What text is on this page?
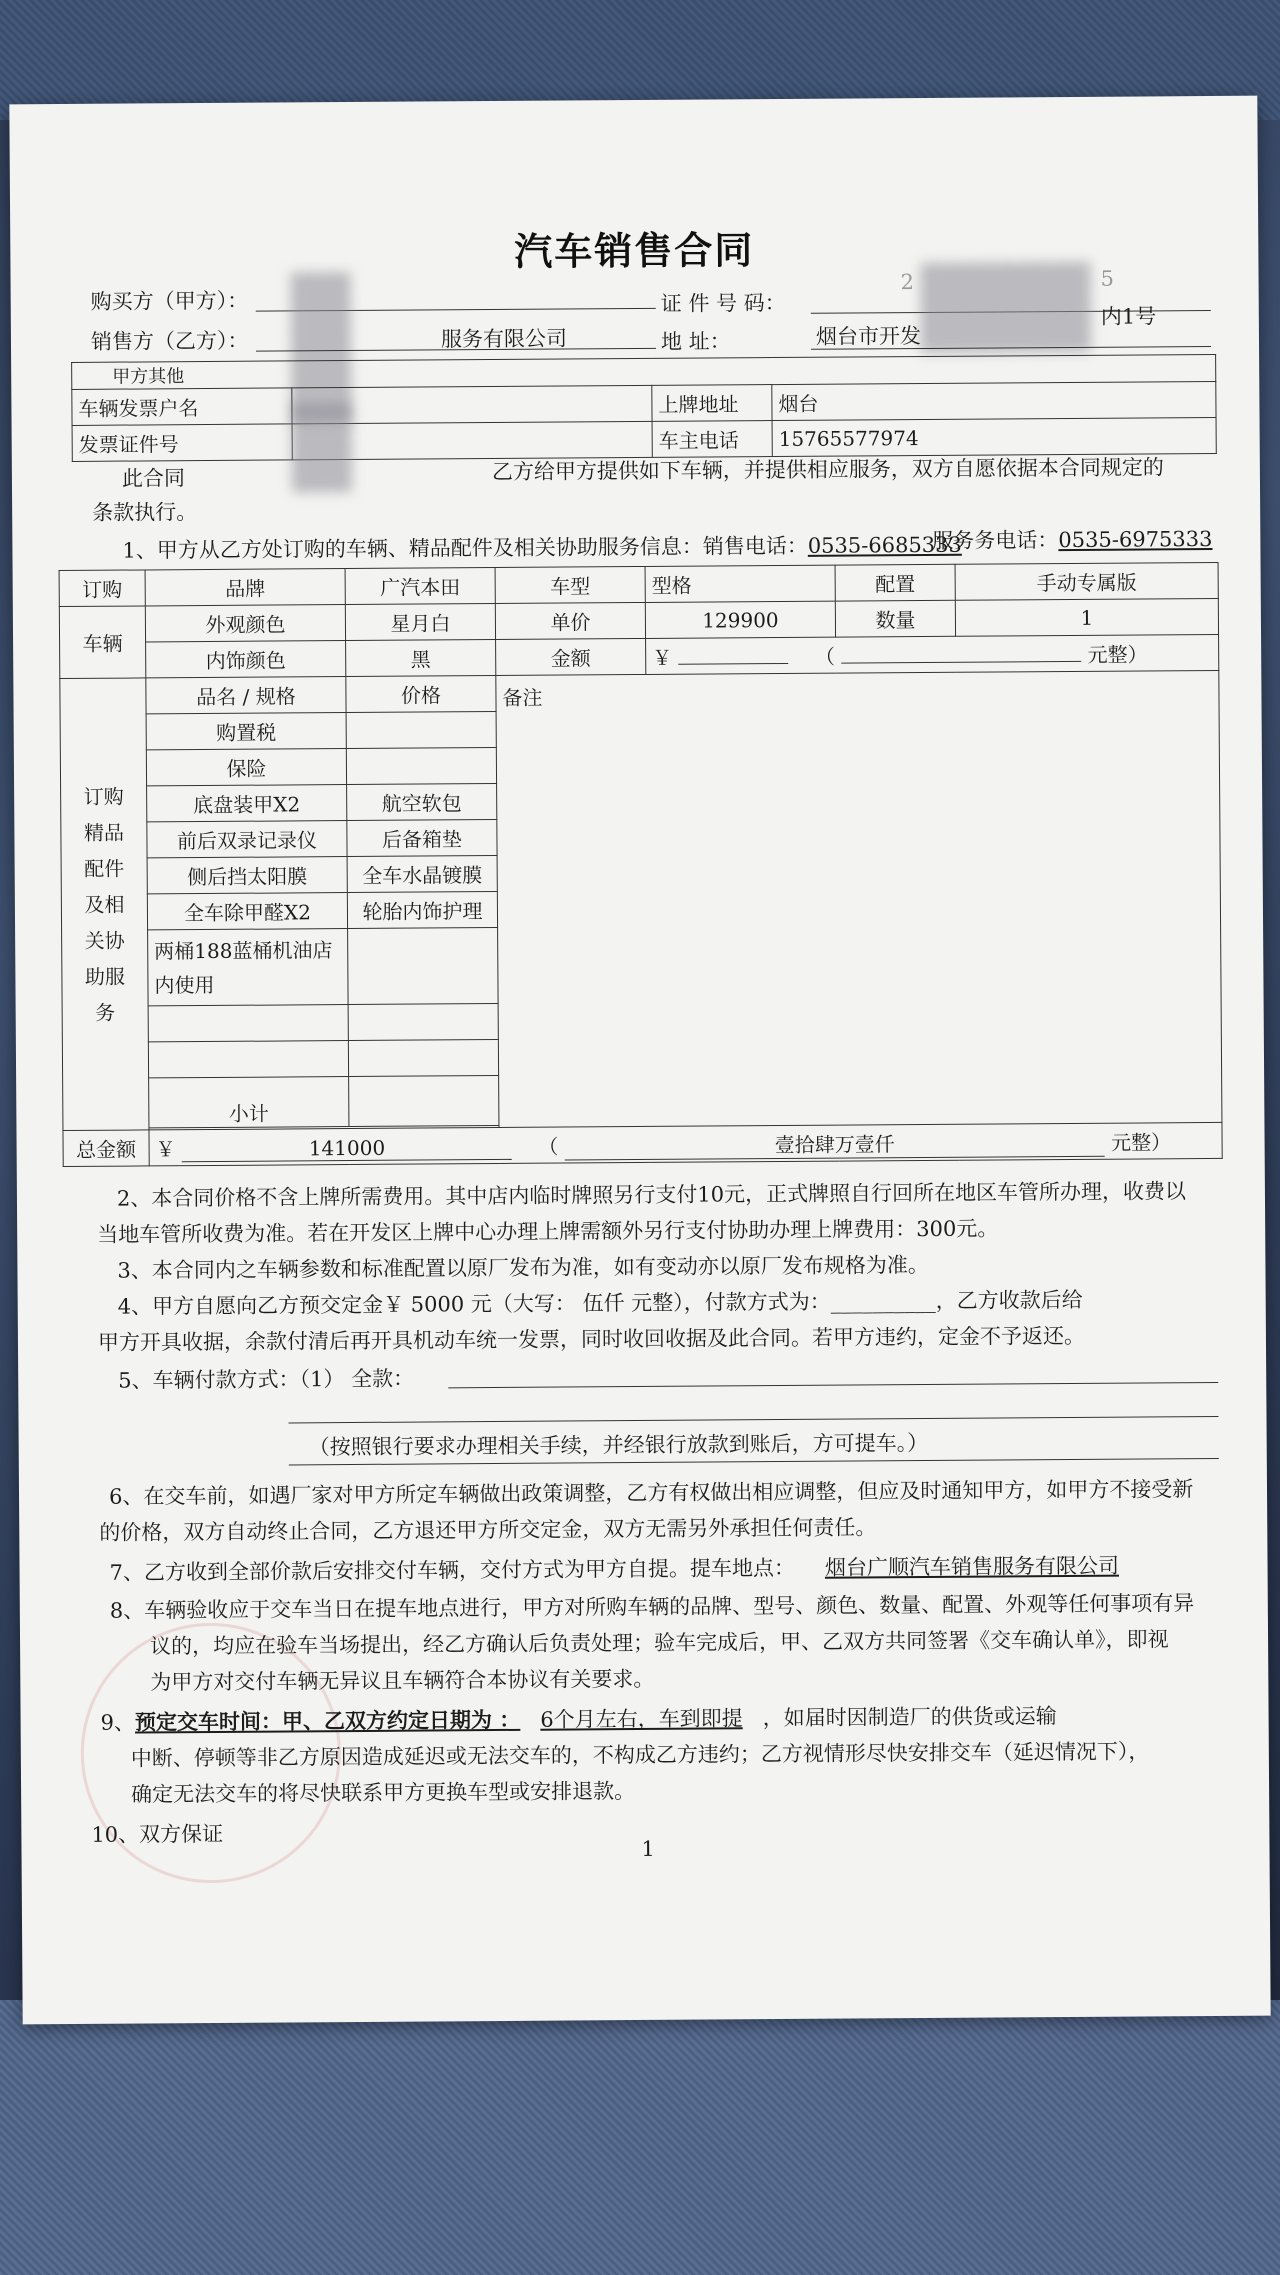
汽车销售合同
购买方（甲方）：
销售方（乙方）：	服务有限公司
证 件 号 码：
2	5
地 址：	烟台市开发
内1号
甲方其他			
车辆发票户名		上牌地址	烟台
发票证件号		车主电话	15765577974
此合同	乙方给甲方提供如下车辆，并提供相应服务，双方自愿依据本合同规定的
条款执行。
1、甲方从乙方处订购的车辆、精品配件及相关协助服务信息：销售电话：0535-6685333
服务务电话：0535-6975333
订购	品牌	广汽本田	车型	型格	配置	手动专属版
车辆	外观颜色	星月白	单价	129900	数量	1
	内饰颜色	黑	金额	￥ （ 元整）		
订购精品配件及相关协助服务	品名 / 规格	价格	备注			
	购置税					
	保险					
	底盘装甲X2	航空软包				
	前后双录记录仪	后备箱垫				
	侧后挡太阳膜	全车水晶镀膜				
	全车除甲醛X2	轮胎内饰护理				
	两桶188蓝桶机油店内使用					

	小计					

总金额	￥ 141000 （ 壹拾肆万壹仟 元整）					
2、本合同价格不含上牌所需费用。其中店内临时牌照另行支付10元，正式牌照自行回所在地区车管所办理，收费以
当地车管所收费为准。若在开发区上牌中心办理上牌需额外另行支付协助办理上牌费用：300元。
3、本合同内之车辆参数和标准配置以原厂发布为准，如有变动亦以原厂发布规格为准。
4、甲方自愿向乙方预交定金￥ 5000 元（大写： 伍仟 元整），付款方式为：__________，乙方收款后给
甲方开具收据，余款付清后再开具机动车统一发票，同时收回收据及此合同。若甲方违约，定金不予返还。
5、车辆付款方式：（1） 全款：
（按照银行要求办理相关手续，并经银行放款到账后，方可提车。）
6、在交车前，如遇厂家对甲方所定车辆做出政策调整，乙方有权做出相应调整，但应及时通知甲方，如甲方不接受新
的价格，双方自动终止合同，乙方退还甲方所交定金，双方无需另外承担任何责任。
7、乙方收到全部价款后安排交付车辆，交付方式为甲方自提。提车地点： 烟台广顺汽车销售服务有限公司
8、车辆验收应于交车当日在提车地点进行，甲方对所购车辆的品牌、型号、颜色、数量、配置、外观等任何事项有异
议的，均应在验车当场提出，经乙方确认后负责处理；验车完成后，甲、乙双方共同签署《交车确认单》，即视
为甲方对交付车辆无异议且车辆符合本协议有关要求。
9、预定交车时间：甲、乙双方约定日期为 ： 6个月左右，车到即提 ，如届时因制造厂的供货或运输
中断、停顿等非乙方原因造成延迟或无法交车的，不构成乙方违约；乙方视情形尽快安排交车（延迟情况下），
确定无法交车的将尽快联系甲方更换车型或安排退款。
10、双方保证
1
